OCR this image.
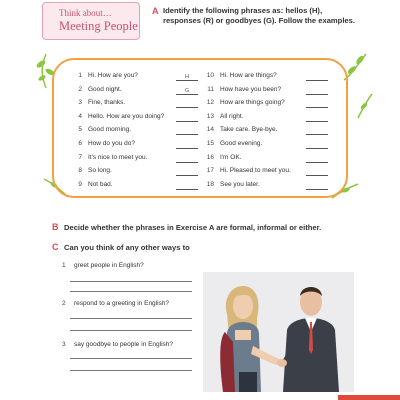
Think about…
Meeting People
A Identify the following phrases as: hellos (H),
responses (R) or goodbyes (G). Follow the examples.
1 Hi. How are you?	H
2 Good night.	G
3 Fine, thanks.
4 Hello. How are you doing?
5 Good morning.
6 How do you do?
7 It's nice to meet you.
8 So long.
9 Not bad.
10 Hi. How are things?
11 How have you been?
12 How are things going?
13 All right.
14 Take care. Bye-bye.
15 Good evening.
16 I'm OK.
17 Hi. Pleased to meet you.
18 See you later.
B Decide whether the phrases in Exercise A are formal, informal or either.
C Can you think of any other ways to
1 greet people in English?
2 respond to a greeting in English?
3 say goodbye to people in English?
